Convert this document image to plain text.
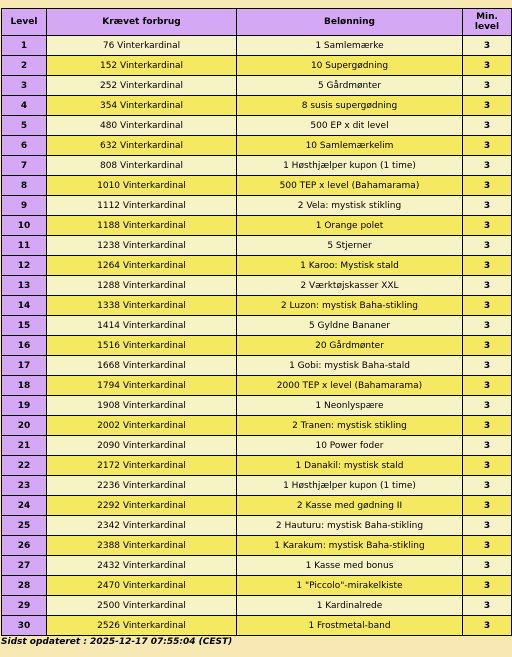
Level	Krævet forbrug	Belønning	Min.
level
1	76 Vinterkardinal	1 Samlemærke	3
2	152 Vinterkardinal	10 Supergødning	3
3	252 Vinterkardinal	5 Gårdmønter	3
4	354 Vinterkardinal	8 susis supergødning	3
5	480 Vinterkardinal	500 EP x dit level	3
6	632 Vinterkardinal	10 Samlemærkelim	3
7	808 Vinterkardinal	1 Høsthjælper kupon (1 time)	3
8	1010 Vinterkardinal	500 TEP x level (Bahamarama)	3
9	1112 Vinterkardinal	2 Vela: mystisk stikling	3
10	1188 Vinterkardinal	1 Orange polet	3
11	1238 Vinterkardinal	5 Stjerner	3
12	1264 Vinterkardinal	1 Karoo: Mystisk stald	3
13	1288 Vinterkardinal	2 Værktøjskasser XXL	3
14	1338 Vinterkardinal	2 Luzon: mystisk Baha-stikling	3
15	1414 Vinterkardinal	5 Gyldne Bananer	3
16	1516 Vinterkardinal	20 Gårdmønter	3
17	1668 Vinterkardinal	1 Gobi: mystisk Baha-stald	3
18	1794 Vinterkardinal	2000 TEP x level (Bahamarama)	3
19	1908 Vinterkardinal	1 Neonlyspære	3
20	2002 Vinterkardinal	2 Tranen: mystisk stikling	3
21	2090 Vinterkardinal	10 Power foder	3
22	2172 Vinterkardinal	1 Danakil: mystisk stald	3
23	2236 Vinterkardinal	1 Høsthjælper kupon (1 time)	3
24	2292 Vinterkardinal	2 Kasse med gødning II	3
25	2342 Vinterkardinal	2 Hauturu: mystisk Baha-stikling	3
26	2388 Vinterkardinal	1 Karakum: mystisk Baha-stikling	3
27	2432 Vinterkardinal	1 Kasse med bonus	3
28	2470 Vinterkardinal	1 "Piccolo"-mirakelkiste	3
29	2500 Vinterkardinal	1 Kardinalrede	3
30	2526 Vinterkardinal	1 Frostmetal-band	3
Sidst opdateret : 2025-12-17 07:55:04 (CEST)
